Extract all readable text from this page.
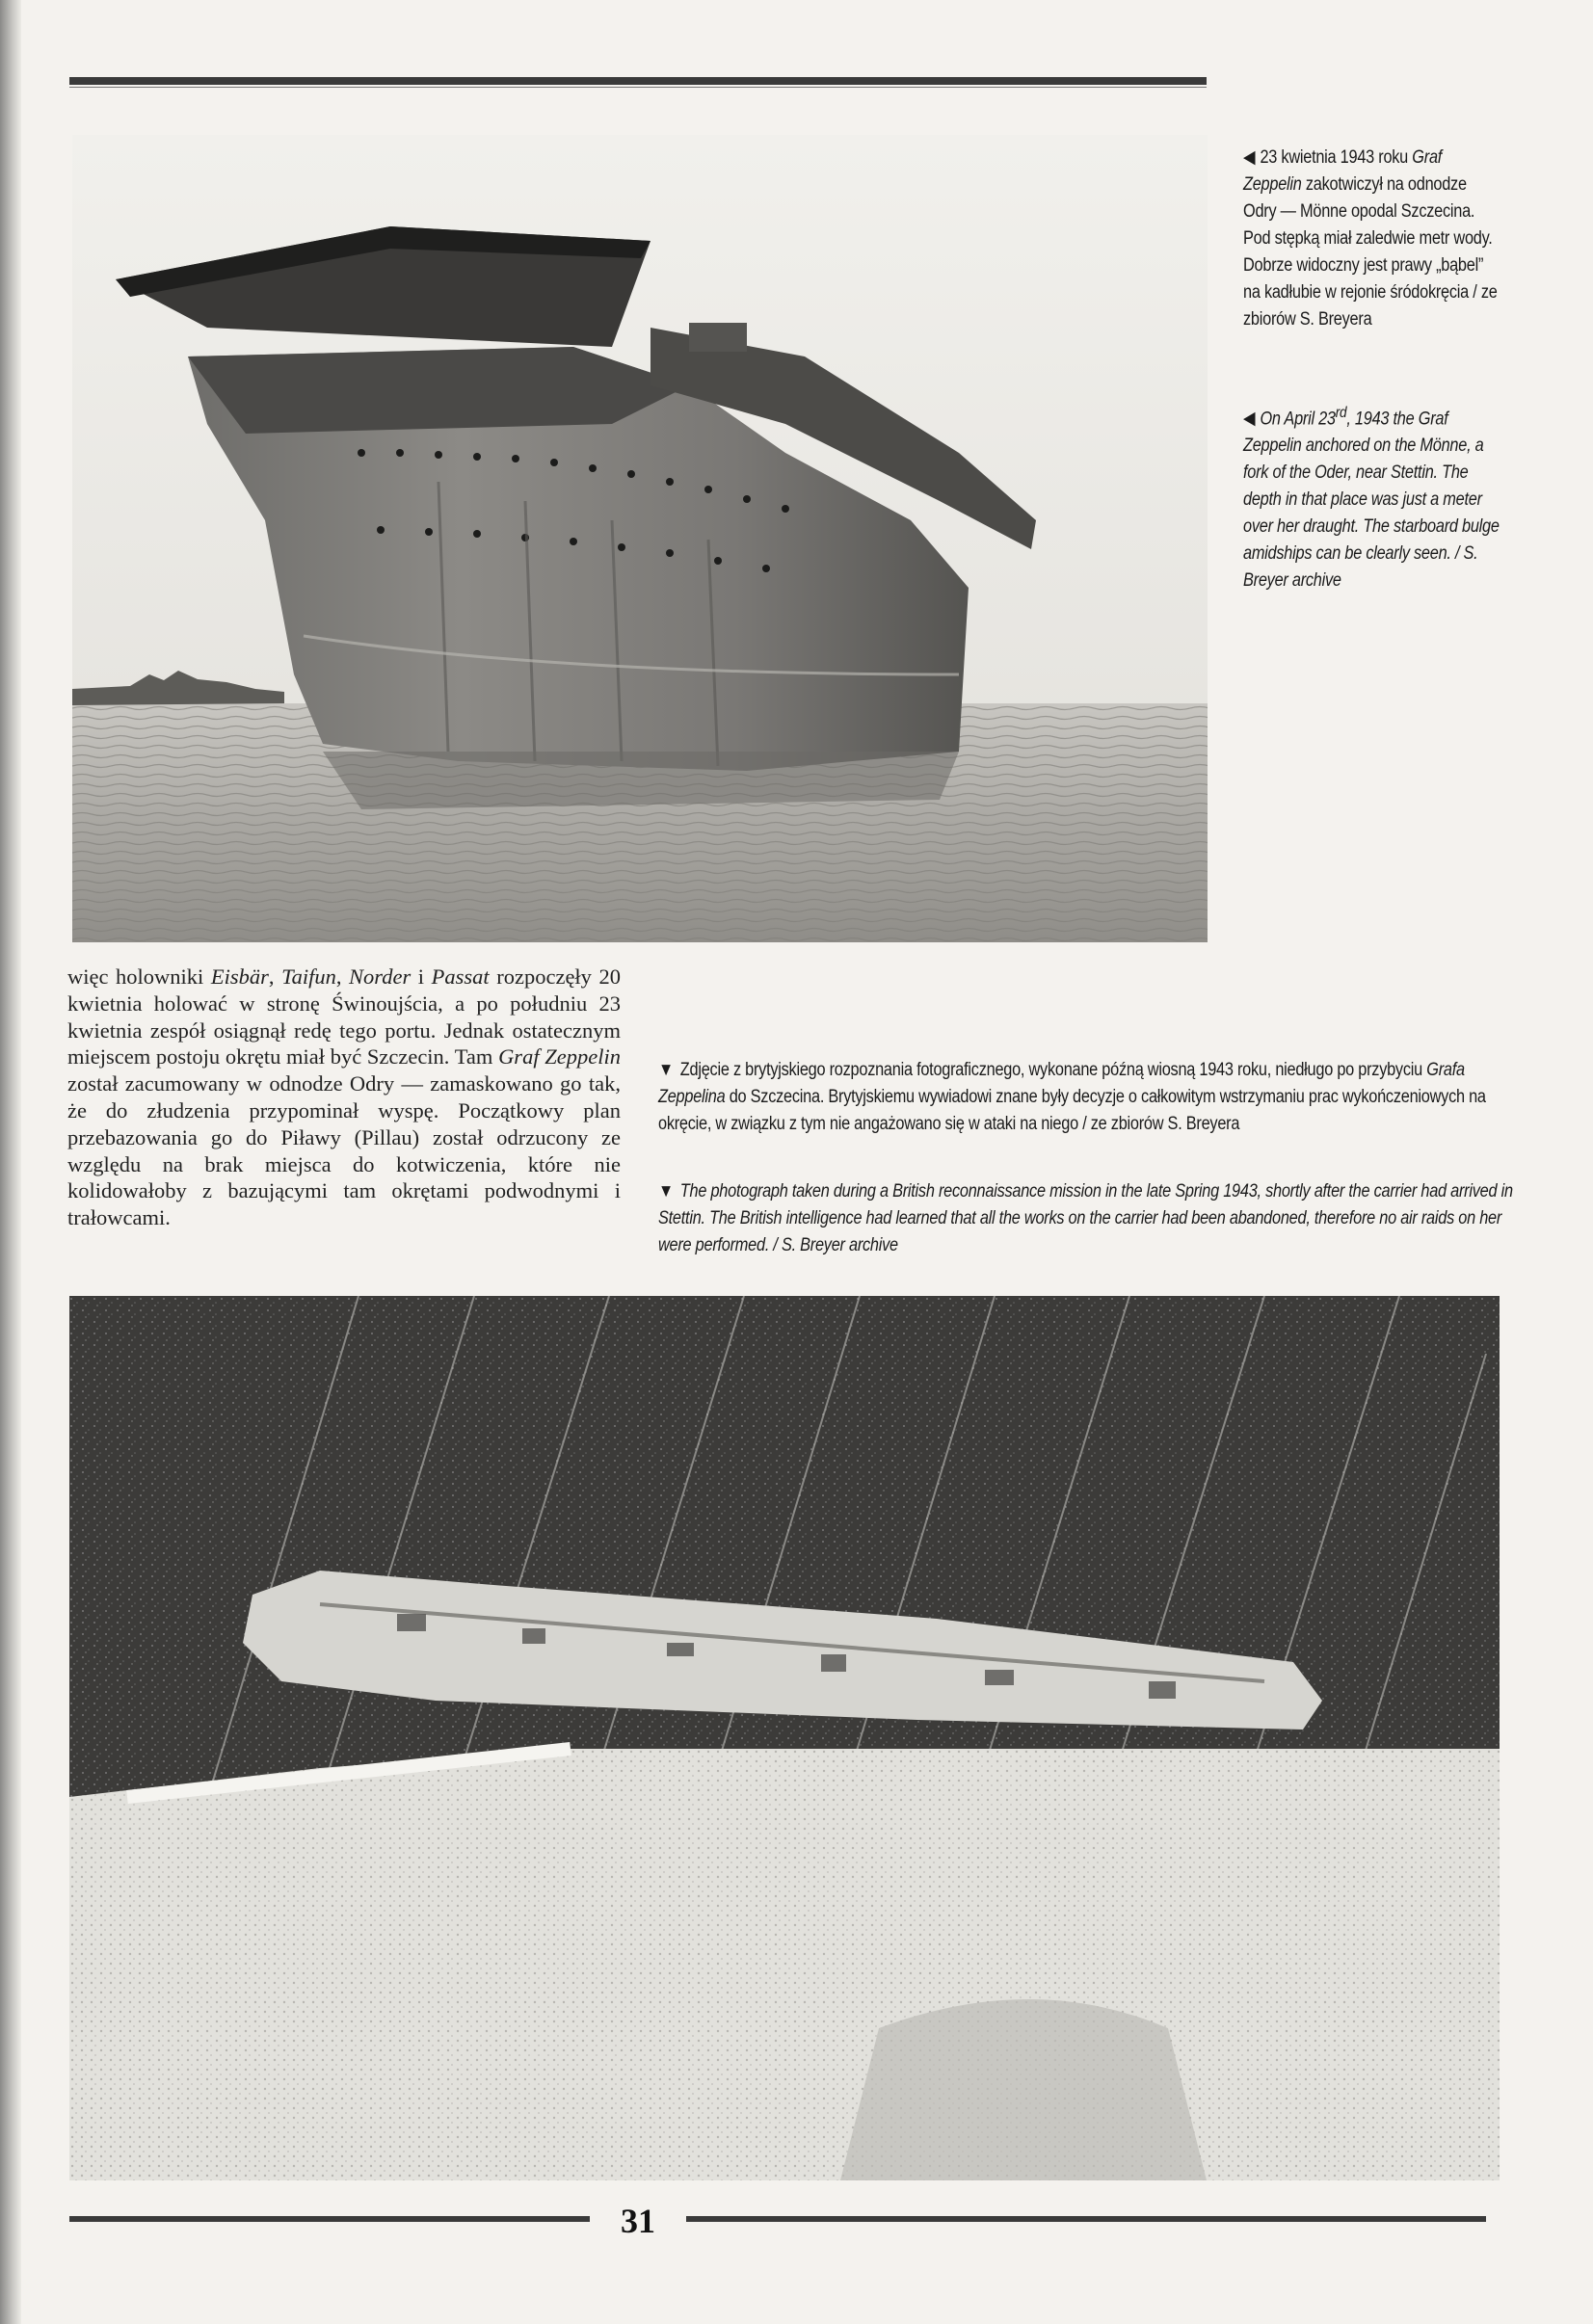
◀ 23 kwietnia 1943 roku Graf Zeppelin zakotwiczył na odnodze Odry — Mönne opodal Szczecina. Pod stępką miał zaledwie metr wody. Dobrze widoczny jest prawy „bąbel” na kadłubie w rejonie śródokręcia / ze zbiorów S. Breyera
◀ On April 23rd, 1943 the Graf Zeppelin anchored on the Mönne, a fork of the Oder, near Stettin. The depth in that place was just a meter over her draught. The starboard bulge amidships can be clearly seen. / S. Breyer archive

więc holowniki Eisbär, Taifun, Norder i Passat rozpoczęły 20 kwietnia holować w stronę Świnoujścia, a po południu 23 kwietnia zespół osiągnął redę tego portu. Jednak ostatecznym miejscem postoju okrętu miał być Szczecin. Tam Graf Zeppelin został zacumowany w odnodze Odry — zamaskowano go tak, że do złudzenia przypominał wyspę. Początkowy plan przebazowania go do Piławy (Pillau) został odrzucony ze względu na brak miejsca do kotwiczenia, które nie kolidowałoby z bazującymi tam okrętami podwodnymi i trałowcami.

▼ Zdjęcie z brytyjskiego rozpoznania fotograficznego, wykonane późną wiosną 1943 roku, niedługo po przybyciu Grafa Zeppelina do Szczecina. Brytyjskiemu wywiadowi znane były decyzje o całkowitym wstrzymaniu prac wykończeniowych na okręcie, w związku z tym nie angażowano się w ataki na niego / ze zbiorów S. Breyera
▼ The photograph taken during a British reconnaissance mission in the late Spring 1943, shortly after the carrier had arrived in Stettin. The British intelligence had learned that all the works on the carrier had been abandoned, therefore no air raids on her were performed. / S. Breyer archive
31
